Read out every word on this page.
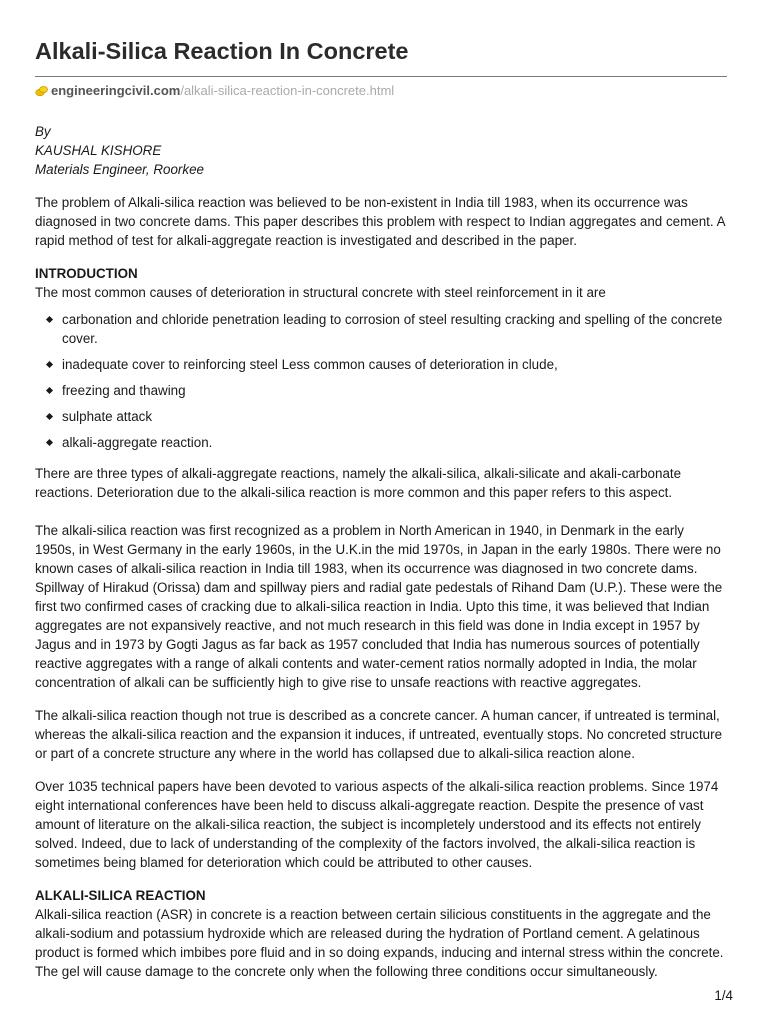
Alkali-Silica Reaction In Concrete
engineeringcivil.com /alkali-silica-reaction-in-concrete.html
By
KAUSHAL KISHORE
Materials Engineer, Roorkee

The problem of Alkali-silica reaction was believed to be non-existent in India till 1983, when its occurrence was diagnosed in two concrete dams. This paper describes this problem with respect to Indian aggregates and cement. A rapid method of test for alkali-aggregate reaction is investigated and described in the paper.

INTRODUCTION
The most common causes of deterioration in structural concrete with steel reinforcement in it are
carbonation and chloride penetration leading to corrosion of steel resulting cracking and spelling of the concrete cover.
inadequate cover to reinforcing steel Less common causes of deterioration in clude,
freezing and thawing
sulphate attack
alkali-aggregate reaction.

There are three types of alkali-aggregate reactions, namely the alkali-silica, alkali-silicate and akali-carbonate reactions. Deterioration due to the alkali-silica reaction is more common and this paper refers to this aspect.

The alkali-silica reaction was first recognized as a problem in North American in 1940, in Denmark in the early 1950s, in West Germany in the early 1960s, in the U.K.in the mid 1970s, in Japan in the early 1980s. There were no known cases of alkali-silica reaction in India till 1983, when its occurrence was diagnosed in two concrete dams. Spillway of Hirakud (Orissa) dam and spillway piers and radial gate pedestals of Rihand Dam (U.P.). These were the first two confirmed cases of cracking due to alkali-silica reaction in India. Upto this time, it was believed that Indian aggregates are not expansively reactive, and not much research in this field was done in India except in 1957 by Jagus and in 1973 by Gogti Jagus as far back as 1957 concluded that India has numerous sources of potentially reactive aggregates with a range of alkali contents and water-cement ratios normally adopted in India, the molar concentration of alkali can be sufficiently high to give rise to unsafe reactions with reactive aggregates.

The alkali-silica reaction though not true is described as a concrete cancer. A human cancer, if untreated is terminal, whereas the alkali-silica reaction and the expansion it induces, if untreated, eventually stops. No concreted structure or part of a concrete structure any where in the world has collapsed due to alkali-silica reaction alone.

Over 1035 technical papers have been devoted to various aspects of the alkali-silica reaction problems. Since 1974 eight international conferences have been held to discuss alkali-aggregate reaction. Despite the presence of vast amount of literature on the alkali-silica reaction, the subject is incompletely understood and its effects not entirely solved. Indeed, due to lack of understanding of the complexity of the factors involved, the alkali-silica reaction is sometimes being blamed for deterioration which could be attributed to other causes.

ALKALI-SILICA REACTION
Alkali-silica reaction (ASR) in concrete is a reaction between certain silicious constituents in the aggregate and the alkali-sodium and potassium hydroxide which are released during the hydration of Portland cement. A gelatinous product is formed which imbibes pore fluid and in so doing expands, inducing and internal stress within the concrete. The gel will cause damage to the concrete only when the following three conditions occur simultaneously.
1/4
